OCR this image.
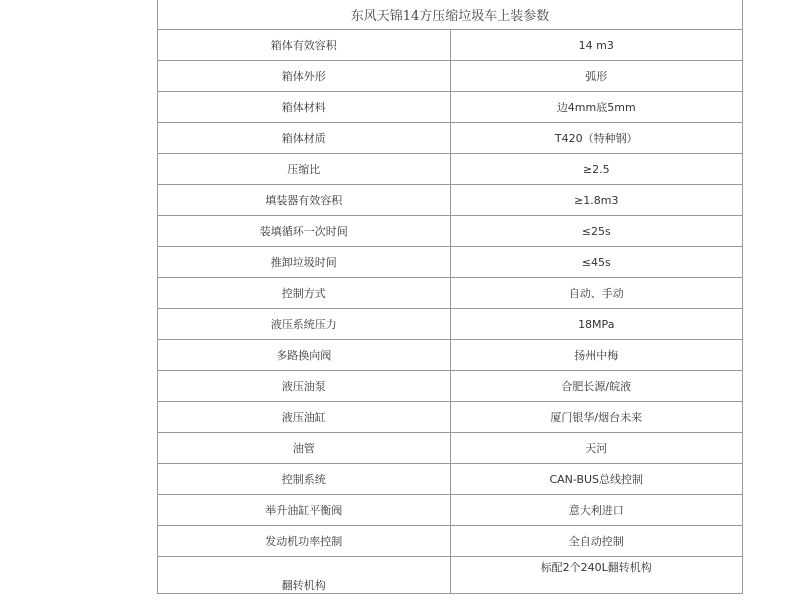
东风天锦14方压缩垃圾车上装参数	
箱体有效容积	14 m3
箱体外形	弧形
箱体材料	边4mm底5mm
箱体材质	T420（特种钢）
压缩比	≥2.5
填装器有效容积	≥1.8m3
装填循环一次时间	≤25s
推卸垃圾时间	≤45s
控制方式	自动、手动
液压系统压力	18MPa
多路换向阀	扬州中梅
液压油泵	合肥长源/皖液
液压油缸	厦门银华/烟台未来
油管	天河
控制系统	CAN-BUS总线控制
举升油缸平衡阀	意大利进口
发动机功率控制	全自动控制
翻转机构	标配2个240L翻转机构
